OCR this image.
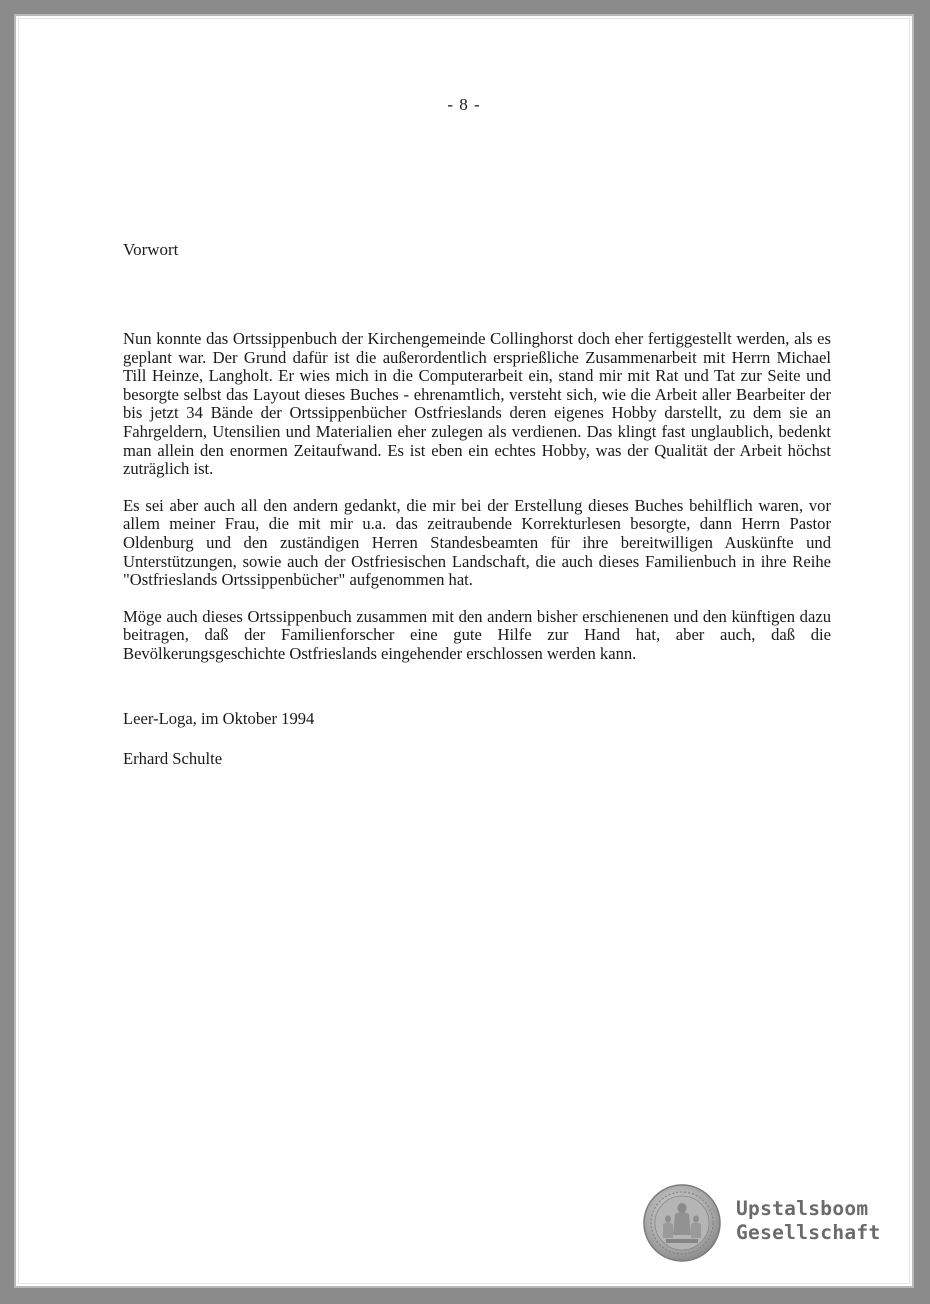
- 8 -
Vorwort

Nun konnte das Ortssippenbuch der Kirchengemeinde Collinghorst doch eher fertiggestellt werden, als es geplant war. Der Grund dafür ist die außerordentlich ersprießliche Zusammenarbeit mit Herrn Michael Till Heinze, Langholt. Er wies mich in die Computerarbeit ein, stand mir mit Rat und Tat zur Seite und besorgte selbst das Layout dieses Buches - ehrenamtlich, versteht sich, wie die Arbeit aller Bearbeiter der bis jetzt 34 Bände der Ortssippenbücher Ostfrieslands deren eigenes Hobby darstellt, zu dem sie an Fahrgeldern, Utensilien und Materialien eher zulegen als verdienen. Das klingt fast unglaublich, bedenkt man allein den enormen Zeitaufwand. Es ist eben ein echtes Hobby, was der Qualität der Arbeit höchst zuträglich ist.

Es sei aber auch all den andern gedankt, die mir bei der Erstellung dieses Buches behilflich waren, vor allem meiner Frau, die mit mir u.a. das zeitraubende Korrekturlesen besorgte, dann Herrn Pastor Oldenburg und den zuständigen Herren Standesbeamten für ihre bereitwilligen Auskünfte und Unterstützungen, sowie auch der Ostfriesischen Landschaft, die auch dieses Familienbuch in ihre Reihe "Ostfrieslands Ortssippenbücher" aufgenommen hat.

Möge auch dieses Ortssippenbuch zusammen mit den andern bisher erschienenen und den künftigen dazu beitragen, daß der Familienforscher eine gute Hilfe zur Hand hat, aber auch, daß die Bevölkerungsgeschichte Ostfrieslands eingehender erschlossen werden kann.

Leer-Loga, im Oktober 1994
Erhard Schulte
Upstalsboom
Gesellschaft
